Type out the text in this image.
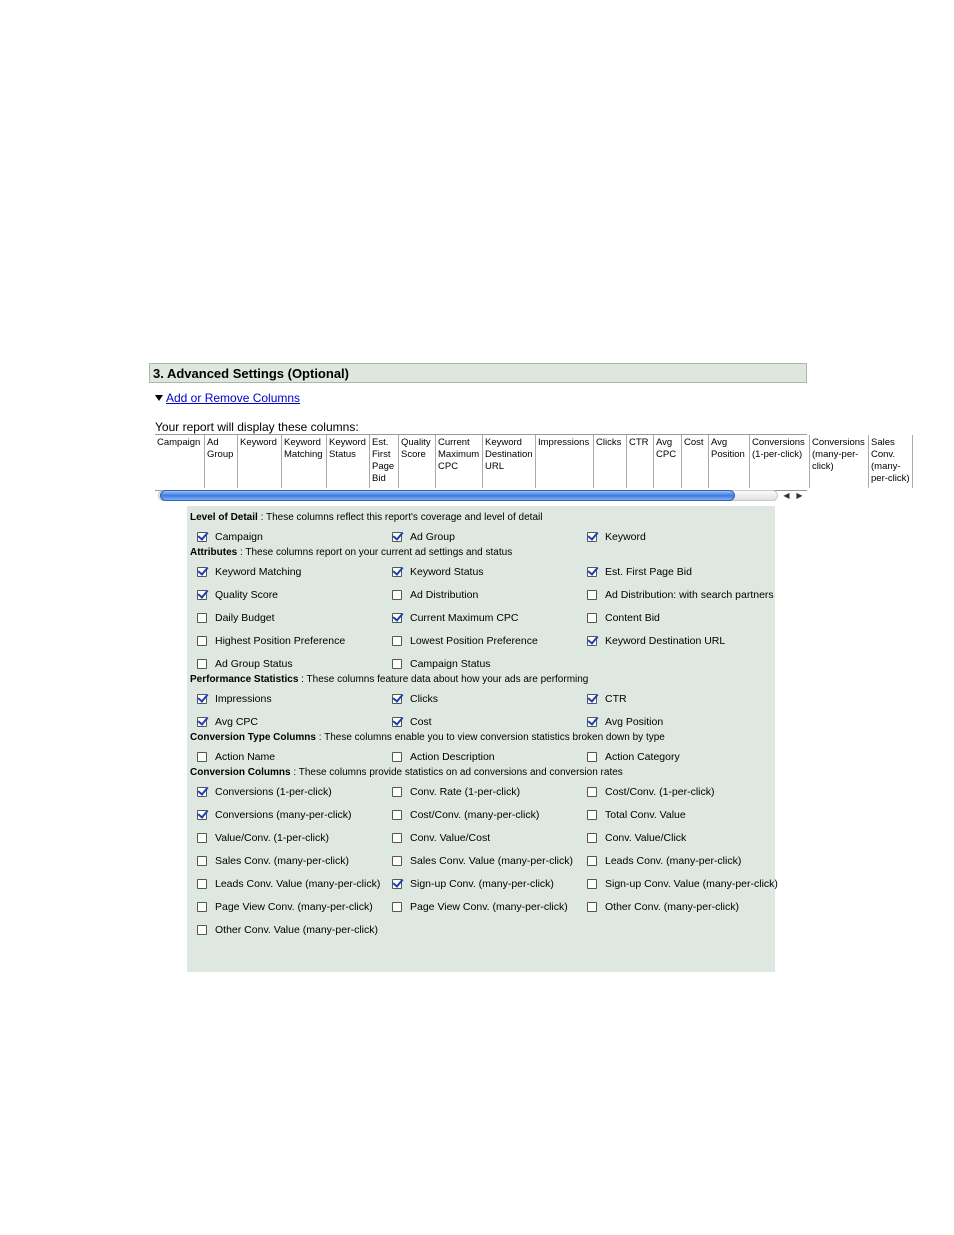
3. Advanced Settings (Optional)
Add or Remove Columns
Your report will display these columns:
Campaign	Ad Group	Keyword	Keyword Matching	Keyword Status	Est. First Page Bid	Quality Score	Current Maximum CPC	Keyword Destination URL	Impressions	Clicks	CTR	Avg CPC	Cost	Avg Position	Conversions (1-per-click)	Conversions (many-per-click)	Sales Conv. (many-per-click)
◀ ▶
Level of Detail : These columns reflect this report's coverage and level of detail
Campaign	Ad Group	Keyword
Attributes : These columns report on your current ad settings and status
Keyword Matching	Keyword Status	Est. First Page Bid
Quality Score	Ad Distribution	Ad Distribution: with search partners
Daily Budget	Current Maximum CPC	Content Bid
Highest Position Preference	Lowest Position Preference	Keyword Destination URL
Ad Group Status	Campaign Status
Performance Statistics : These columns feature data about how your ads are performing
Impressions	Clicks	CTR
Avg CPC	Cost	Avg Position
Conversion Type Columns : These columns enable you to view conversion statistics broken down by type
Action Name	Action Description	Action Category
Conversion Columns : These columns provide statistics on ad conversions and conversion rates
Conversions (1-per-click)	Conv. Rate (1-per-click)	Cost/Conv. (1-per-click)
Conversions (many-per-click)	Cost/Conv. (many-per-click)	Total Conv. Value
Value/Conv. (1-per-click)	Conv. Value/Cost	Conv. Value/Click
Sales Conv. (many-per-click)	Sales Conv. Value (many-per-click)	Leads Conv. (many-per-click)
Leads Conv. Value (many-per-click)	Sign-up Conv. (many-per-click)	Sign-up Conv. Value (many-per-click)
Page View Conv. (many-per-click)	Page View Conv. (many-per-click)	Other Conv. (many-per-click)
Other Conv. Value (many-per-click)
